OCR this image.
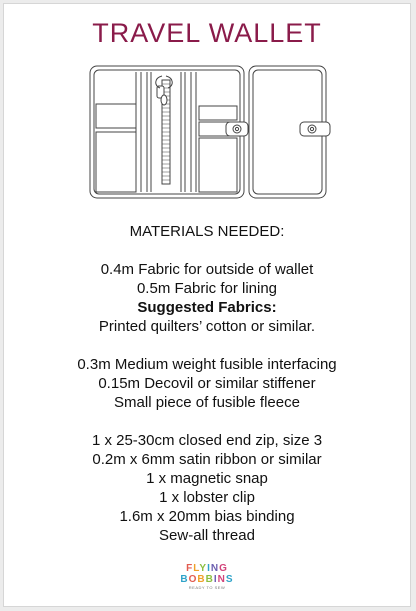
TRAVEL WALLET
MATERIALS NEEDED:
0.4m Fabric for outside of wallet
0.5m Fabric for lining
Suggested Fabrics:
Printed quilters’ cotton or similar.
0.3m Medium weight fusible interfacing
0.15m Decovil or similar stiffener
Small piece of fusible fleece
1 x 25-30cm closed end zip, size 3
0.2m x 6mm satin ribbon or similar
1 x magnetic snap
1 x lobster clip
1.6m x 20mm bias binding
Sew-all thread
FLYING
BOBBINS
READY TO SEW
